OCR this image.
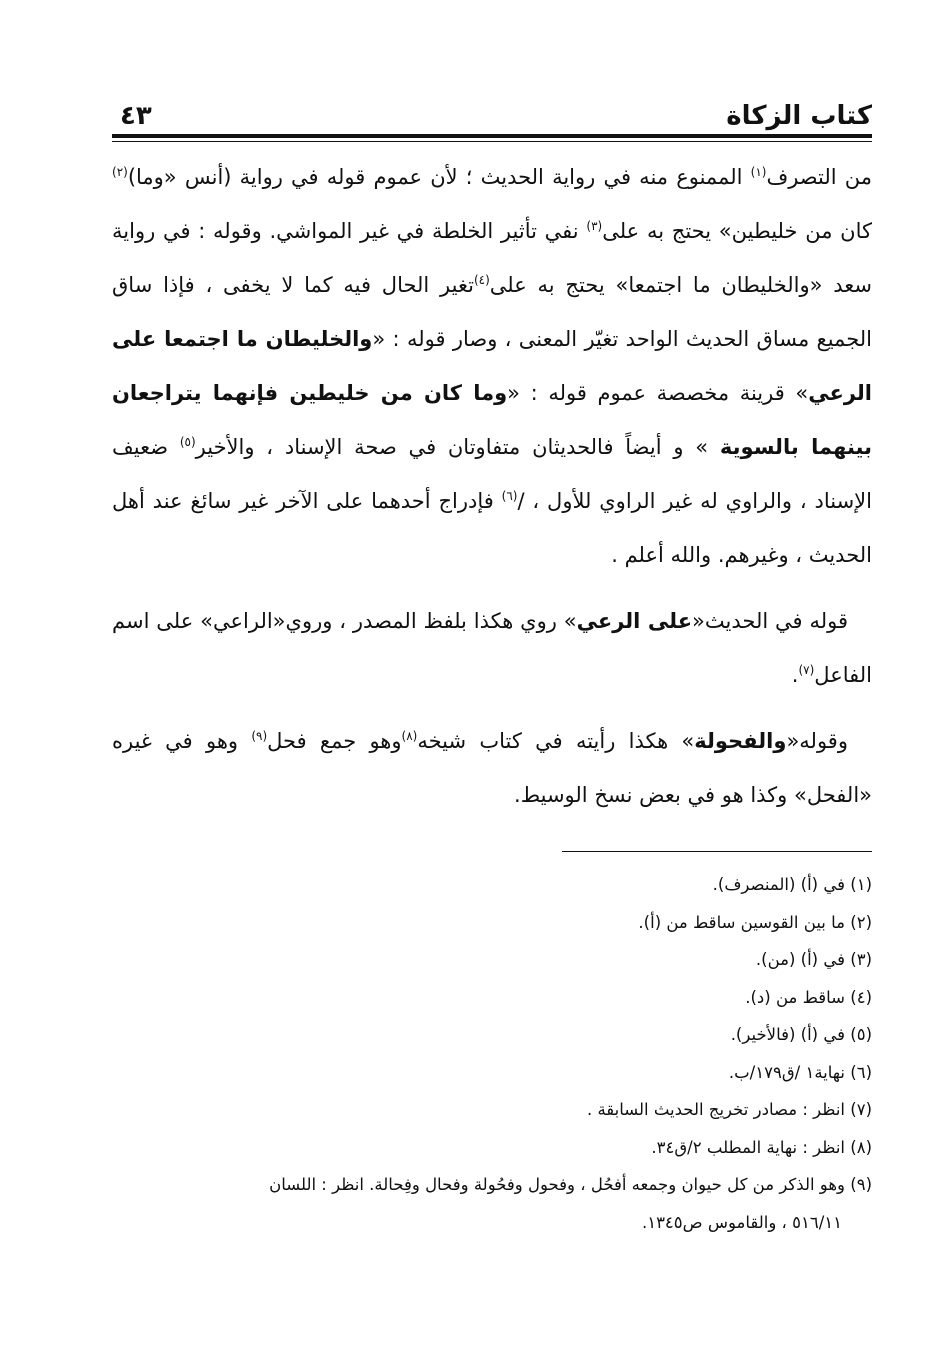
كتاب الزكاة
٤٣

من التصرف$^{(١)}$ الممنوع منه في رواية الحديث ؛ لأن عموم قوله في رواية (أنس «وما)$^{(٢)}$ كان من خليطين» يحتج به على$^{(٣)}$ نفي تأثير الخلطة في غير المواشي. وقوله : في رواية سعد «والخليطان ما اجتمعا» يحتج به على$^{(٤)}$تغير الحال فيه كما لا يخفى ، فإذا ساق الجميع مساق الحديث الواحد تغيّر المعنى ، وصار قوله : «والخليطان ما اجتمعا على الرعي» قرينة مخصصة عموم قوله : «وما كان من خليطين فإنهما يتراجعان بينهما بالسوية » و أيضاً فالحديثان متفاوتان في صحة الإسناد ، والأخير$^{(٥)}$ ضعيف الإسناد ، والراوي له غير الراوي للأول ، /$^{(٦)}$ فإدراج أحدهما على الآخر غير سائغ عند أهل الحديث ، وغيرهم. والله أعلم .

قوله في الحديث«على الرعي» روي هكذا بلفظ المصدر ، وروي«الراعي» على اسم الفاعل$^{(٧)}$.

وقوله«والفحولة» هكذا رأيته في كتاب شيخه$^{(٨)}$وهو جمع فحل$^{(٩)}$ وهو في غيره «الفحل» وكذا هو في بعض نسخ الوسيط.

(١) في (أ) (المنصرف).

(٢) ما بين القوسين ساقط من (أ).

(٣) في (أ) (من).

(٤) ساقط من (د).

(٥) في (أ) (فالأخير).

(٦) نهاية١ /ق١٧٩/ب.

(٧) انظر : مصادر تخريج الحديث السابقة .

(٨) انظر : نهاية المطلب ٢/ق٣٤.

(٩) وهو الذكر من كل حيوان وجمعه أفحُل ، وفحول وفحُولة وفحال وفِحالة. انظر : اللسان
٥١٦/١١ ، والقاموس ص١٣٤٥.
